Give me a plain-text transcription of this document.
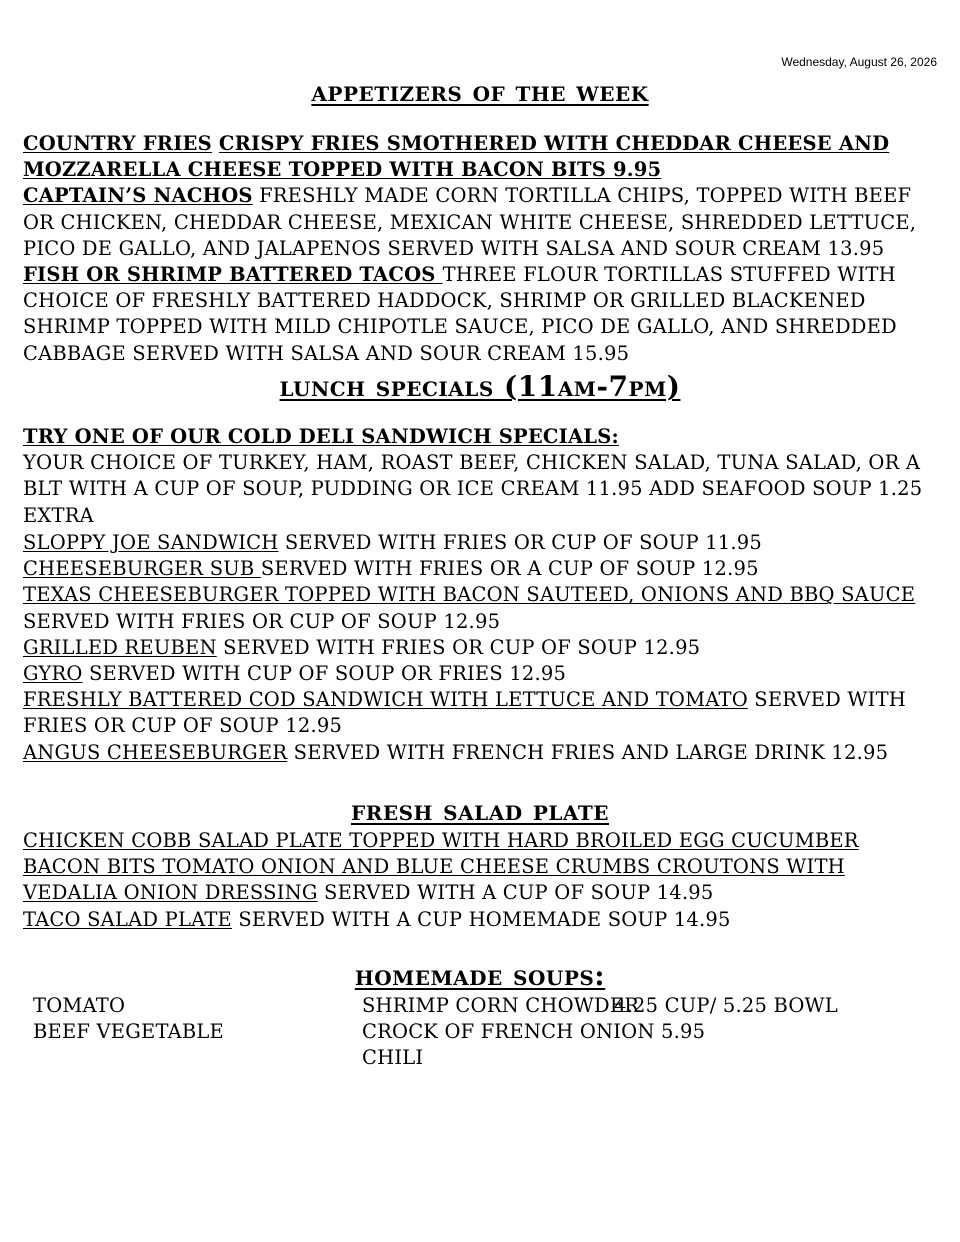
Wednesday, August 26, 2026
appetizers of the week

COUNTRY FRIES CRISPY FRIES SMOTHERED WITH CHEDDAR CHEESE AND MOZZARELLA CHEESE TOPPED WITH BACON BITS 9.95

CAPTAIN’S NACHOS FRESHLY MADE CORN TORTILLA CHIPS, TOPPED WITH BEEF OR CHICKEN, CHEDDAR CHEESE, MEXICAN WHITE CHEESE, SHREDDED LETTUCE, PICO DE GALLO, AND JALAPENOS SERVED WITH SALSA AND SOUR CREAM 13.95

FISH OR SHRIMP BATTERED TACOS THREE FLOUR TORTILLAS STUFFED WITH CHOICE OF FRESHLY BATTERED HADDOCK, SHRIMP OR GRILLED BLACKENED SHRIMP TOPPED WITH MILD CHIPOTLE SAUCE, PICO DE GALLO, AND SHREDDED CABBAGE SERVED WITH SALSA AND SOUR CREAM 15.95

lunch specials (11am-7pm)

TRY ONE OF OUR COLD DELI SANDWICH SPECIALS:

YOUR CHOICE OF TURKEY, HAM, ROAST BEEF, CHICKEN SALAD, TUNA SALAD, OR A BLT WITH A CUP OF SOUP, PUDDING OR ICE CREAM 11.95 ADD SEAFOOD SOUP 1.25 EXTRA

SLOPPY JOE SANDWICH SERVED WITH FRIES OR CUP OF SOUP 11.95

CHEESEBURGER SUB SERVED WITH FRIES OR A CUP OF SOUP 12.95

TEXAS CHEESEBURGER TOPPED WITH BACON SAUTEED, ONIONS AND BBQ SAUCE SERVED WITH FRIES OR CUP OF SOUP 12.95

GRILLED REUBEN SERVED WITH FRIES OR CUP OF SOUP 12.95

GYRO SERVED WITH CUP OF SOUP OR FRIES 12.95

FRESHLY BATTERED COD SANDWICH WITH LETTUCE AND TOMATO SERVED WITH FRIES OR CUP OF SOUP 12.95

ANGUS CHEESEBURGER SERVED WITH FRENCH FRIES AND LARGE DRINK 12.95

fresh salad plate

CHICKEN COBB SALAD PLATE TOPPED WITH HARD BROILED EGG CUCUMBER BACON BITS TOMATO ONION AND BLUE CHEESE CRUMBS CROUTONS WITH VEDALIA ONION DRESSING SERVED WITH A CUP OF SOUP 14.95

TACO SALAD PLATE SERVED WITH A CUP HOMEMADE SOUP 14.95

homemade soups:
TOMATO
BEEF VEGETABLE
SHRIMP CORN CHOWDER
CROCK OF FRENCH ONION 5.95
CHILI
4.25 CUP/ 5.25 BOWL
